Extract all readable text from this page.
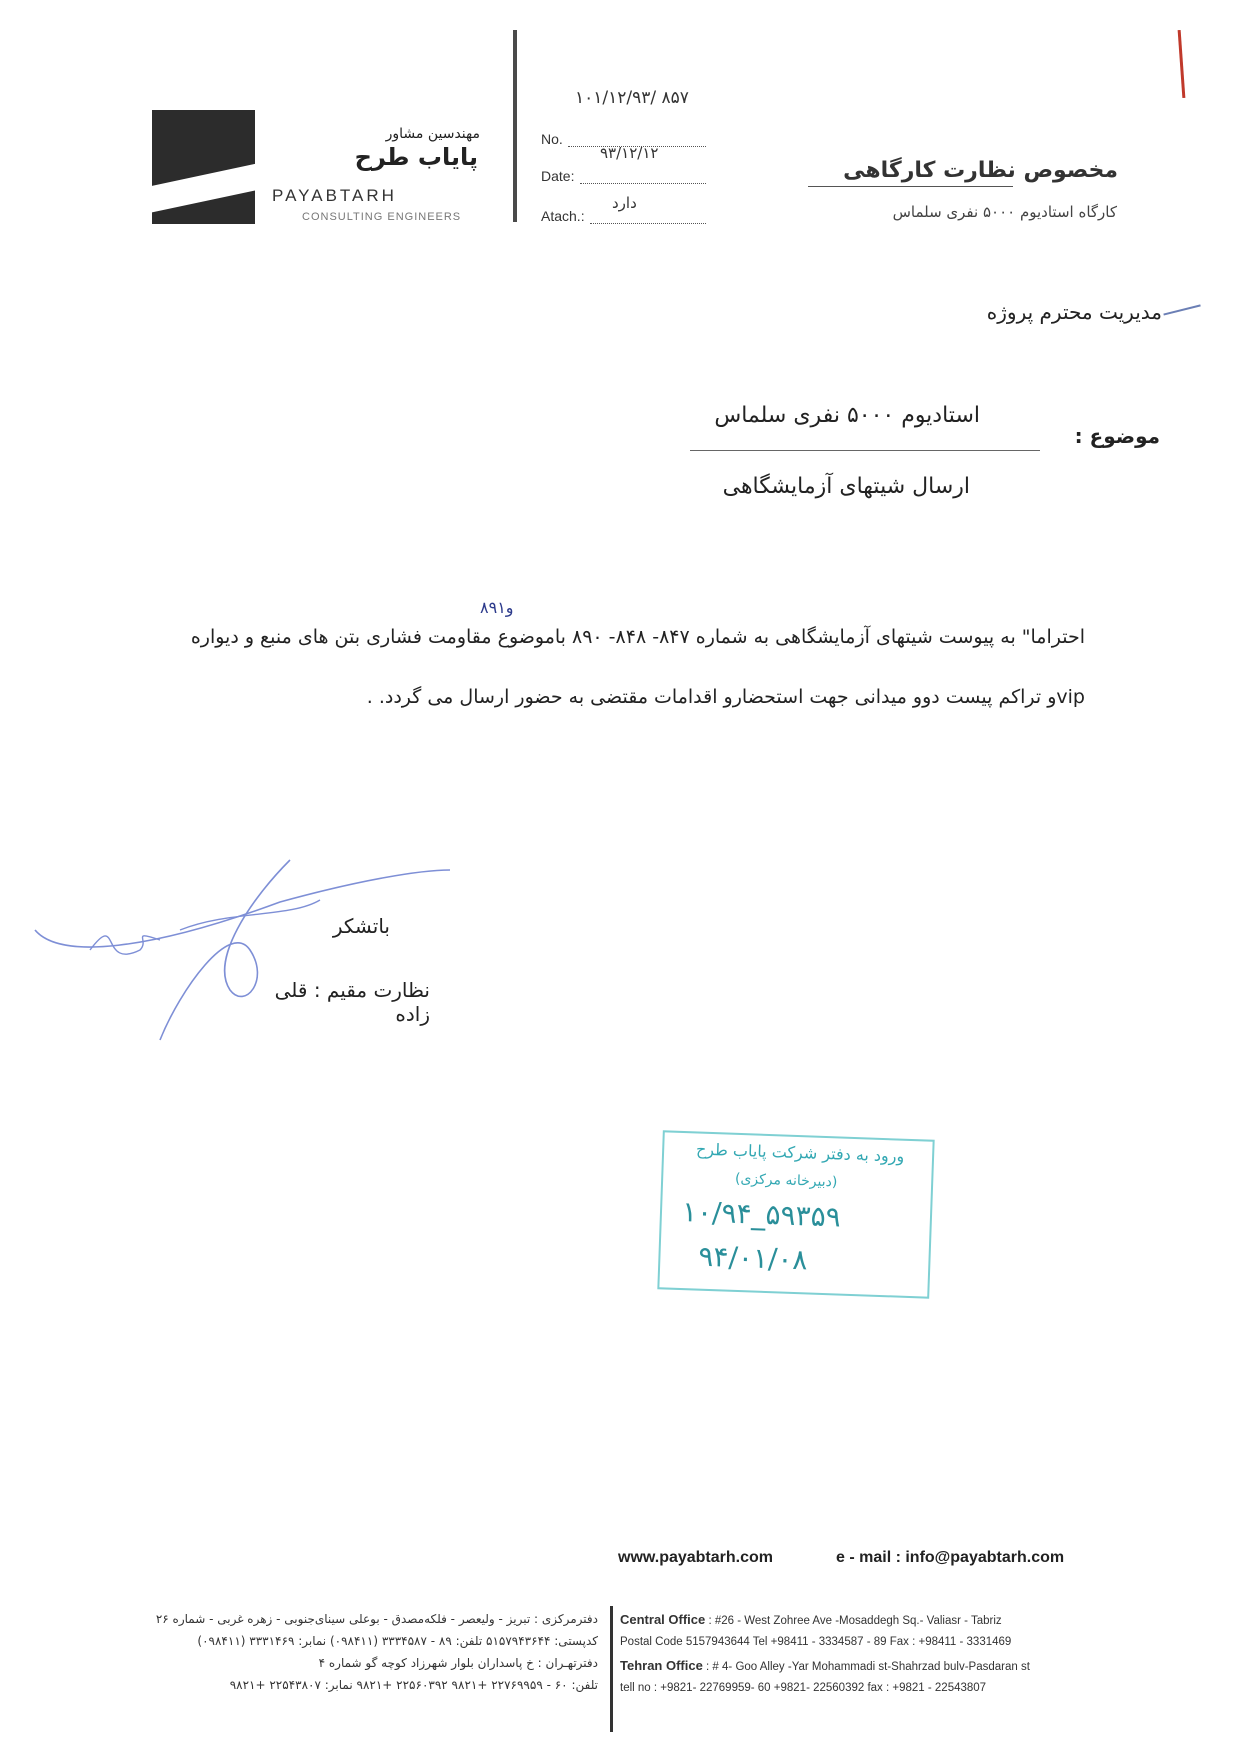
مهندسین مشاور
پایاب طرح
PAYABTARH
CONSULTING ENGINEERS
۱۰۱/۱۲/۹۳/ ۸۵۷
No.
۹۳/۱۲/۱۲
Date:
Atach.:
دارد
مخصوص نظارت کارگاهی
کارگاه استادیوم ۵۰۰۰ نفری سلماس
مدیریت محترم پروژه
موضوع :
استادیوم ۵۰۰۰ نفری سلماس
ارسال شیتهای آزمایشگاهی
۸۹۱و
احتراما" به پیوست شیتهای آزمایشگاهی به شماره ۸۴۷- ۸۴۸- ۸۹۰ باموضوع مقاومت فشاری بتن های منبع و دیواره
vipو تراکم پیست دوو میدانی جهت استحضارو اقدامات مقتضی به حضور ارسال می گردد. .
باتشکر
نظارت مقیم : قلی زاده
ورود به دفتر شرکت پایاب طرح
(دبیرخانه مرکزی)
۱۰/۹۴_۵۹۳۵۹
۹۴/۰۱/۰۸
www.payabtarh.com	e - mail : info@payabtarh.com
دفترمرکزی : تبریز - ولیعصر - فلکه‌مصدق - بوعلی سینای‌جنوبی - زهره غربی - شماره ۲۶
کدپستی: ۵۱۵۷۹۴۳۶۴۴ تلفن: ۸۹ - ۳۳۳۴۵۸۷ (۰۹۸۴۱۱) نمابر: ۳۳۳۱۴۶۹ (۰۹۸۴۱۱)
دفترتهـران : خ پاسداران بلوار شهرزاد کوچه گو شماره ۴
تلفن: ۶۰ - ۲۲۷۶۹۹۵۹ +۹۸۲۱ ۲۲۵۶۰۳۹۲ +۹۸۲۱ نمابر: ۲۲۵۴۳۸۰۷ +۹۸۲۱
Central Office : #26 - West Zohree Ave -Mosaddegh Sq.- Valiasr - Tabriz
Postal Code 5157943644 Tel +98411 - 3334587 - 89 Fax : +98411 - 3331469
Tehran Office : # 4- Goo Alley -Yar Mohammadi st-Shahrzad bulv-Pasdaran st
tell no : +9821- 22769959- 60 +9821- 22560392 fax : +9821 - 22543807
